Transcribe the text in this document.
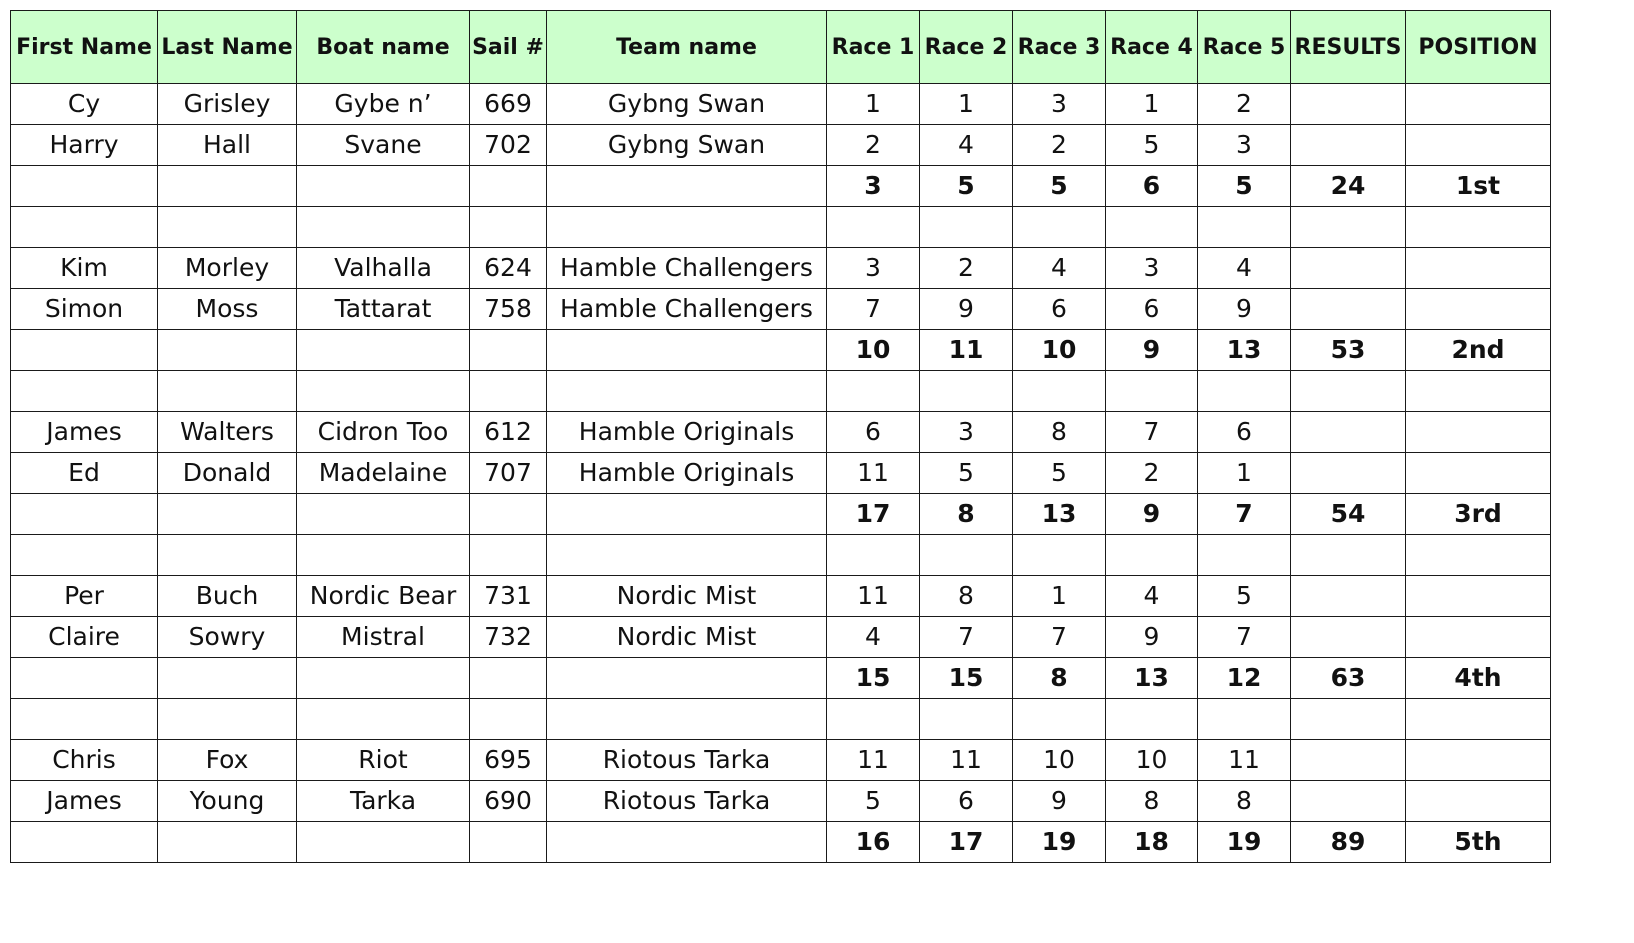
First Name	Last Name	Boat name	Sail #	Team name	Race 1	Race 2	Race 3	Race 4	Race 5	RESULTS	POSITION
Cy	Grisley	Gybe n’	669	Gybng Swan	1	1	3	1	2		
Harry	Hall	Svane	702	Gybng Swan	2	4	2	5	3		
					3	5	5	6	5	24	1st

Kim	Morley	Valhalla	624	Hamble Challengers	3	2	4	3	4		
Simon	Moss	Tattarat	758	Hamble Challengers	7	9	6	6	9		
					10	11	10	9	13	53	2nd

James	Walters	Cidron Too	612	Hamble Originals	6	3	8	7	6		
Ed	Donald	Madelaine	707	Hamble Originals	11	5	5	2	1		
					17	8	13	9	7	54	3rd

Per	Buch	Nordic Bear	731	Nordic Mist	11	8	1	4	5		
Claire	Sowry	Mistral	732	Nordic Mist	4	7	7	9	7		
					15	15	8	13	12	63	4th

Chris	Fox	Riot	695	Riotous Tarka	11	11	10	10	11		
James	Young	Tarka	690	Riotous Tarka	5	6	9	8	8		
					16	17	19	18	19	89	5th
